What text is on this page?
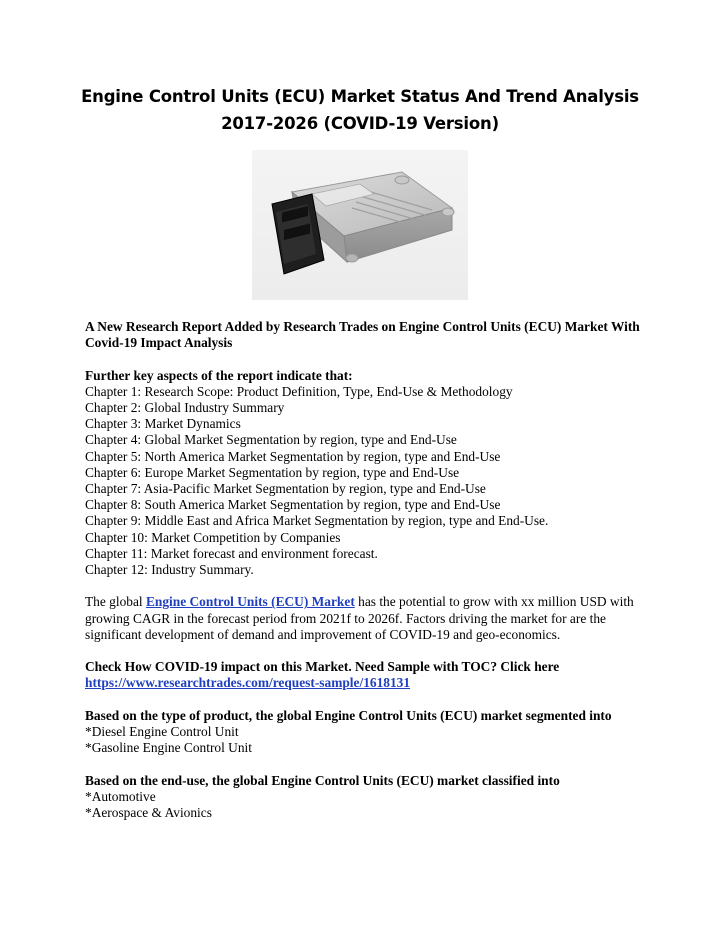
Engine Control Units (ECU) Market Status And Trend Analysis 2017-2026 (COVID-19 Version)

A New Research Report Added by Research Trades on Engine Control Units (ECU) Market With Covid-19 Impact Analysis

Further key aspects of the report indicate that:

Chapter 1: Research Scope: Product Definition, Type, End-Use & Methodology

Chapter 2: Global Industry Summary

Chapter 3: Market Dynamics

Chapter 4: Global Market Segmentation by region, type and End-Use

Chapter 5: North America Market Segmentation by region, type and End-Use

Chapter 6: Europe Market Segmentation by region, type and End-Use

Chapter 7: Asia-Pacific Market Segmentation by region, type and End-Use

Chapter 8: South America Market Segmentation by region, type and End-Use

Chapter 9: Middle East and Africa Market Segmentation by region, type and End-Use.

Chapter 10: Market Competition by Companies

Chapter 11: Market forecast and environment forecast.

Chapter 12: Industry Summary.

The global Engine Control Units (ECU) Market has the potential to grow with xx million USD with growing CAGR in the forecast period from 2021f to 2026f. Factors driving the market for are the significant development of demand and improvement of COVID-19 and geo-economics.

Check How COVID-19 impact on this Market. Need Sample with TOC? Click here

https://www.researchtrades.com/request-sample/1618131

Based on the type of product, the global Engine Control Units (ECU) market segmented into

*Diesel Engine Control Unit

*Gasoline Engine Control Unit

Based on the end-use, the global Engine Control Units (ECU) market classified into

*Automotive

*Aerospace & Avionics
